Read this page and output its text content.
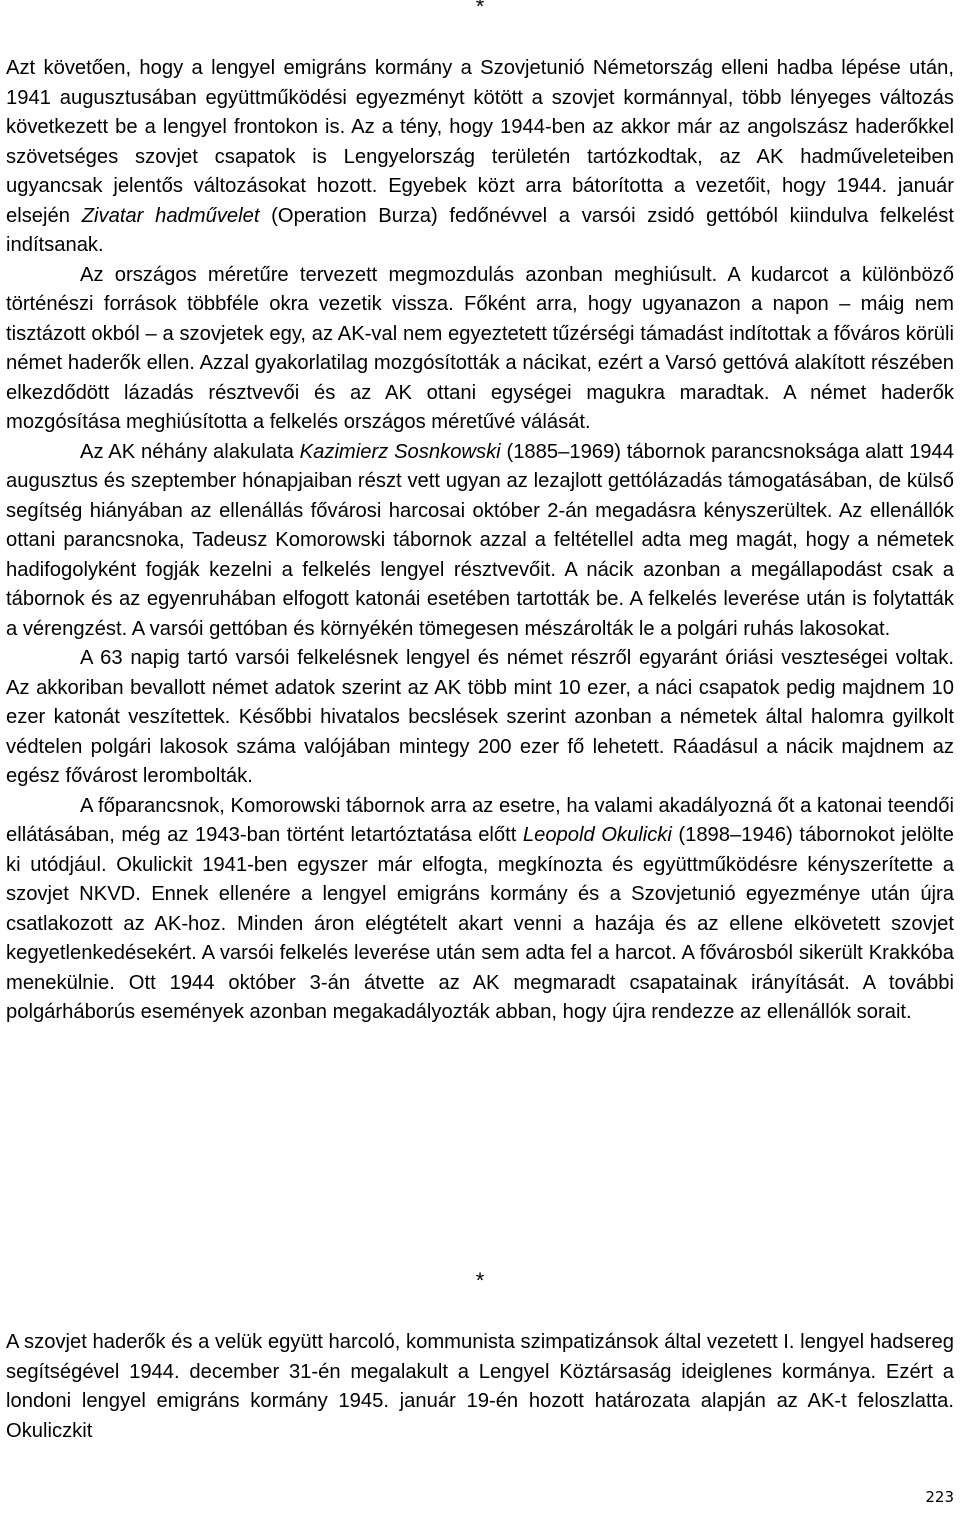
*

Azt követően, hogy a lengyel emigráns kormány a Szovjetunió Németország elleni hadba lépése után, 1941 augusztusában együttműködési egyezményt kötött a szovjet kormánnyal, több lényeges változás következett be a lengyel frontokon is. Az a tény, hogy 1944-ben az akkor már az angolszász haderőkkel szövetséges szovjet csapatok is Lengyelország területén tartózkodtak, az AK hadműveleteiben ugyancsak jelentős változásokat hozott. Egyebek közt arra bátorította a vezetőit, hogy 1944. január elsején Zivatar hadművelet (Operation Burza) fedőnévvel a varsói zsidó gettóból kiindulva felkelést indítsanak.

Az országos méretűre tervezett megmozdulás azonban meghiúsult. A kudarcot a különböző történészi források többféle okra vezetik vissza. Főként arra, hogy ugyanazon a napon – máig nem tisztázott okból – a szovjetek egy, az AK-val nem egyeztetett tűzérségi támadást indítottak a főváros körüli német haderők ellen. Azzal gyakorlatilag mozgósították a nácikat, ezért a Varsó gettóvá alakított részében elkezdődött lázadás résztvevői és az AK ottani egységei magukra maradtak. A német haderők mozgósítása meghiúsította a felkelés országos méretűvé válását.

Az AK néhány alakulata Kazimierz Sosnkowski (1885–1969) tábornok parancsnoksága alatt 1944 augusztus és szeptember hónapjaiban részt vett ugyan az lezajlott gettólázadás támogatásában, de külső segítség hiányában az ellenállás fővárosi harcosai október 2-án megadásra kényszerültek. Az ellenállók ottani parancsnoka, Tadeusz Komorowski tábornok azzal a feltétellel adta meg magát, hogy a németek hadifogolyként fogják kezelni a felkelés lengyel résztvevőit. A nácik azonban a megállapodást csak a tábornok és az egyenruhában elfogott katonái esetében tartották be. A felkelés leverése után is folytatták a vérengzést. A varsói gettóban és környékén tömegesen mészárolták le a polgári ruhás lakosokat.

A 63 napig tartó varsói felkelésnek lengyel és német részről egyaránt óriási veszteségei voltak. Az akkoriban bevallott német adatok szerint az AK több mint 10 ezer, a náci csapatok pedig majdnem 10 ezer katonát veszítettek. Későbbi hivatalos becslések szerint azonban a németek által halomra gyilkolt védtelen polgári lakosok száma valójában mintegy 200 ezer fő lehetett. Ráadásul a nácik majdnem az egész fővárost lerombolták.

A főparancsnok, Komorowski tábornok arra az esetre, ha valami akadályozná őt a katonai teendői ellátásában, még az 1943-ban történt letartóztatása előtt Leopold Okulicki (1898–1946) tábornokot jelölte ki utódjául. Okulickit 1941-ben egyszer már elfogta, megkínozta és együttműködésre kényszerítette a szovjet NKVD. Ennek ellenére a lengyel emigráns kormány és a Szovjetunió egyezménye után újra csatlakozott az AK-hoz. Minden áron elégtételt akart venni a hazája és az ellene elkövetett szovjet kegyetlenkedésekért. A varsói felkelés leverése után sem adta fel a harcot. A fővárosból sikerült Krakkóba menekülnie. Ott 1944 október 3-án átvette az AK megmaradt csapatainak irányítását. A további polgárháborús események azonban megakadályozták abban, hogy újra rendezze az ellenállók sorait.

*

A szovjet haderők és a velük együtt harcoló, kommunista szimpatizánsok által vezetett I. lengyel hadsereg segítségével 1944. december 31-én megalakult a Lengyel Köztársaság ideiglenes kormánya. Ezért a londoni lengyel emigráns kormány 1945. január 19-én hozott határozata alapján az AK-t feloszlatta. Okuliczkit

223
